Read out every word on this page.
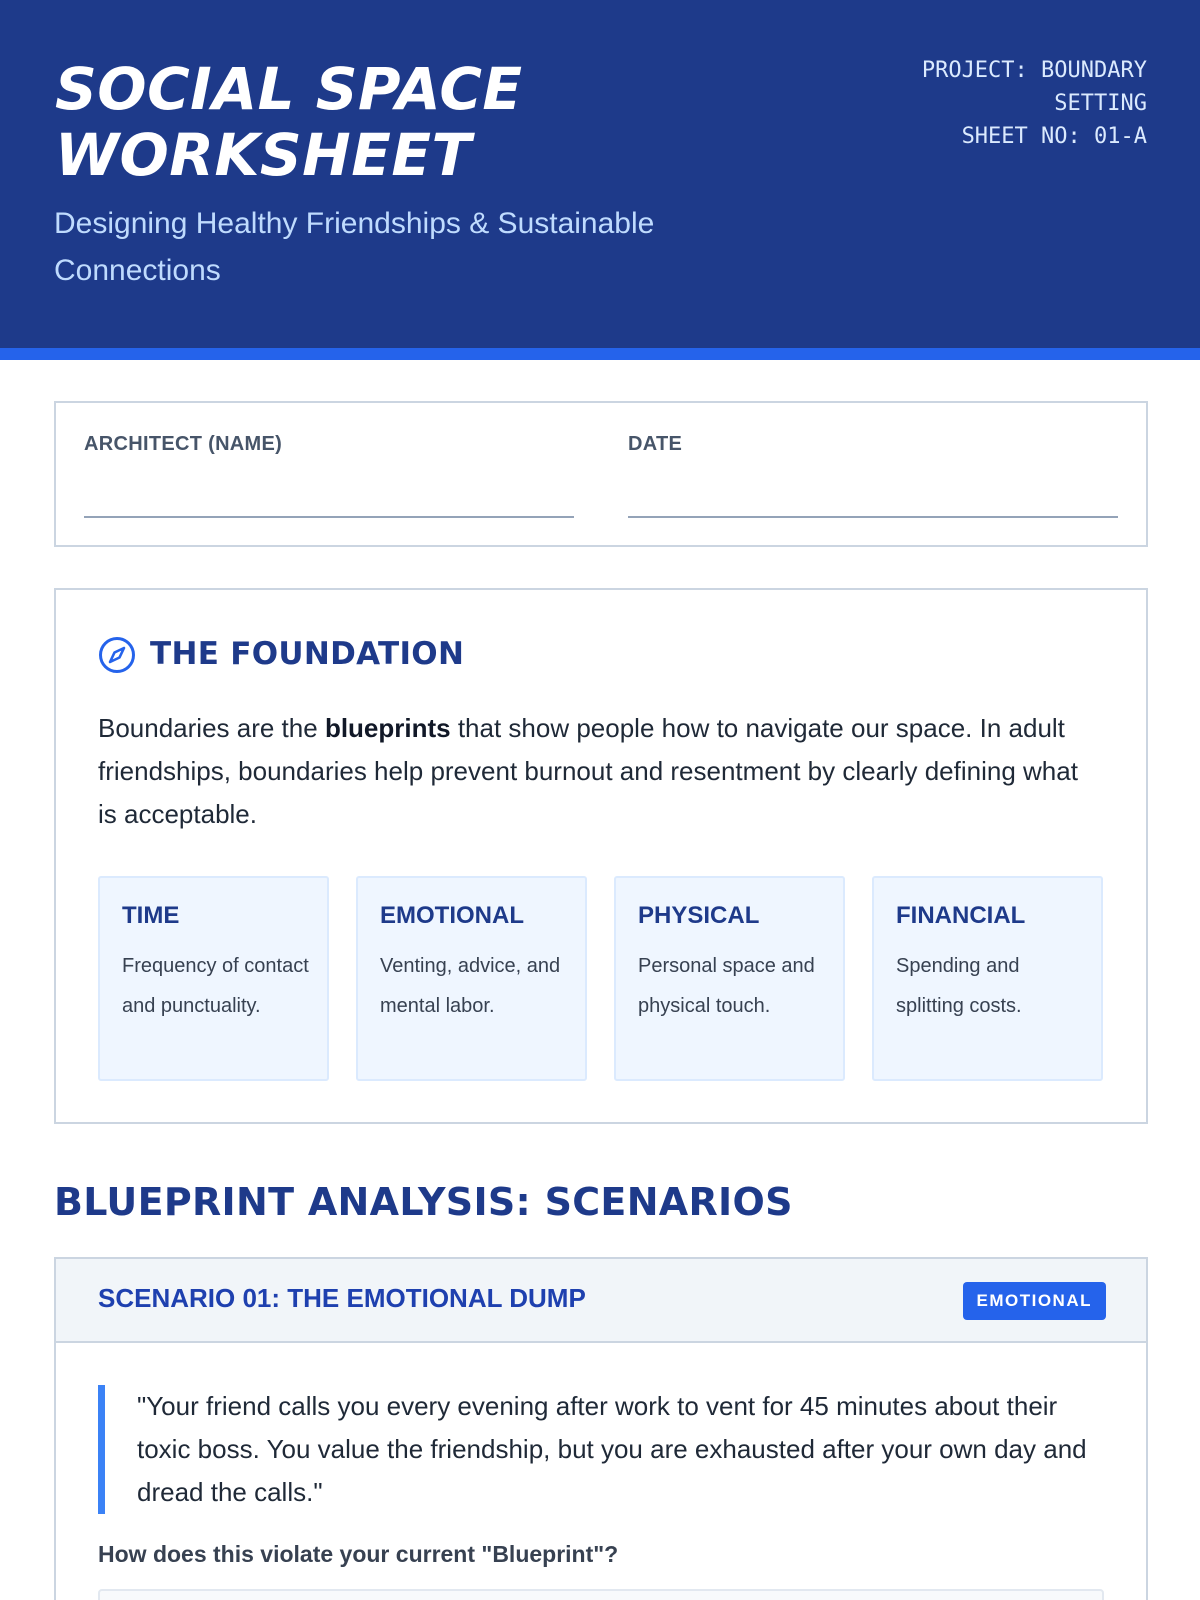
SOCIAL SPACE
WORKSHEET
Designing Healthy Friendships & Sustainable Connections
PROJECT: BOUNDARY SETTING
SHEET NO: 01-A
ARCHITECT (NAME)	DATE
THE FOUNDATION
Boundaries are the blueprints that show people how to navigate our space. In adult friendships, boundaries help prevent burnout and resentment by clearly defining what is acceptable.
TIME
Frequency of contact and punctuality.
EMOTIONAL
Venting, advice, and mental labor.
PHYSICAL
Personal space and physical touch.
FINANCIAL
Spending and splitting costs.
BLUEPRINT ANALYSIS: SCENARIOS
SCENARIO 01: THE EMOTIONAL DUMP	EMOTIONAL
"Your friend calls you every evening after work to vent for 45 minutes about their toxic boss. You value the friendship, but you are exhausted after your own day and dread the calls."
How does this violate your current "Blueprint"?
